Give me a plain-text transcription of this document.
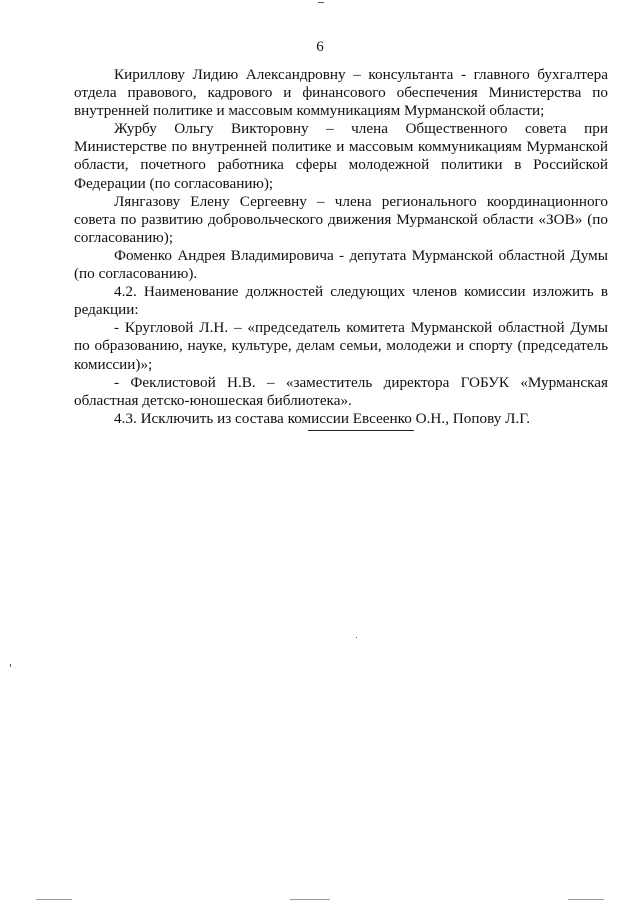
6

Кириллову Лидию Александровну – консультанта - главного бухгалтера отдела правового, кадрового и финансового обеспечения Министерства по внутренней политике и массовым коммуникациям Мурманской области;

Журбу Ольгу Викторовну – члена Общественного совета при Министерстве по внутренней политике и массовым коммуникациям Мурманской области, почетного работника сферы молодежной политики в Российской Федерации (по согласованию);

Лянгазову Елену Сергеевну – члена регионального координационного совета по развитию добровольческого движения Мурманской области «ЗОВ» (по согласованию);

Фоменко Андрея Владимировича - депутата Мурманской областной Думы (по согласованию).

4.2. Наименование должностей следующих членов комиссии изложить в редакции:

- Кругловой Л.Н. – «председатель комитета Мурманской областной Думы по образованию, науке, культуре, делам семьи, молодежи и спорту (председатель комиссии)»;

- Феклистовой Н.В. – «заместитель директора ГОБУК «Мурманская областная детско-юношеская библиотека».

4.3. Исключить из состава комиссии Евсеенко О.Н., Попову Л.Г.
